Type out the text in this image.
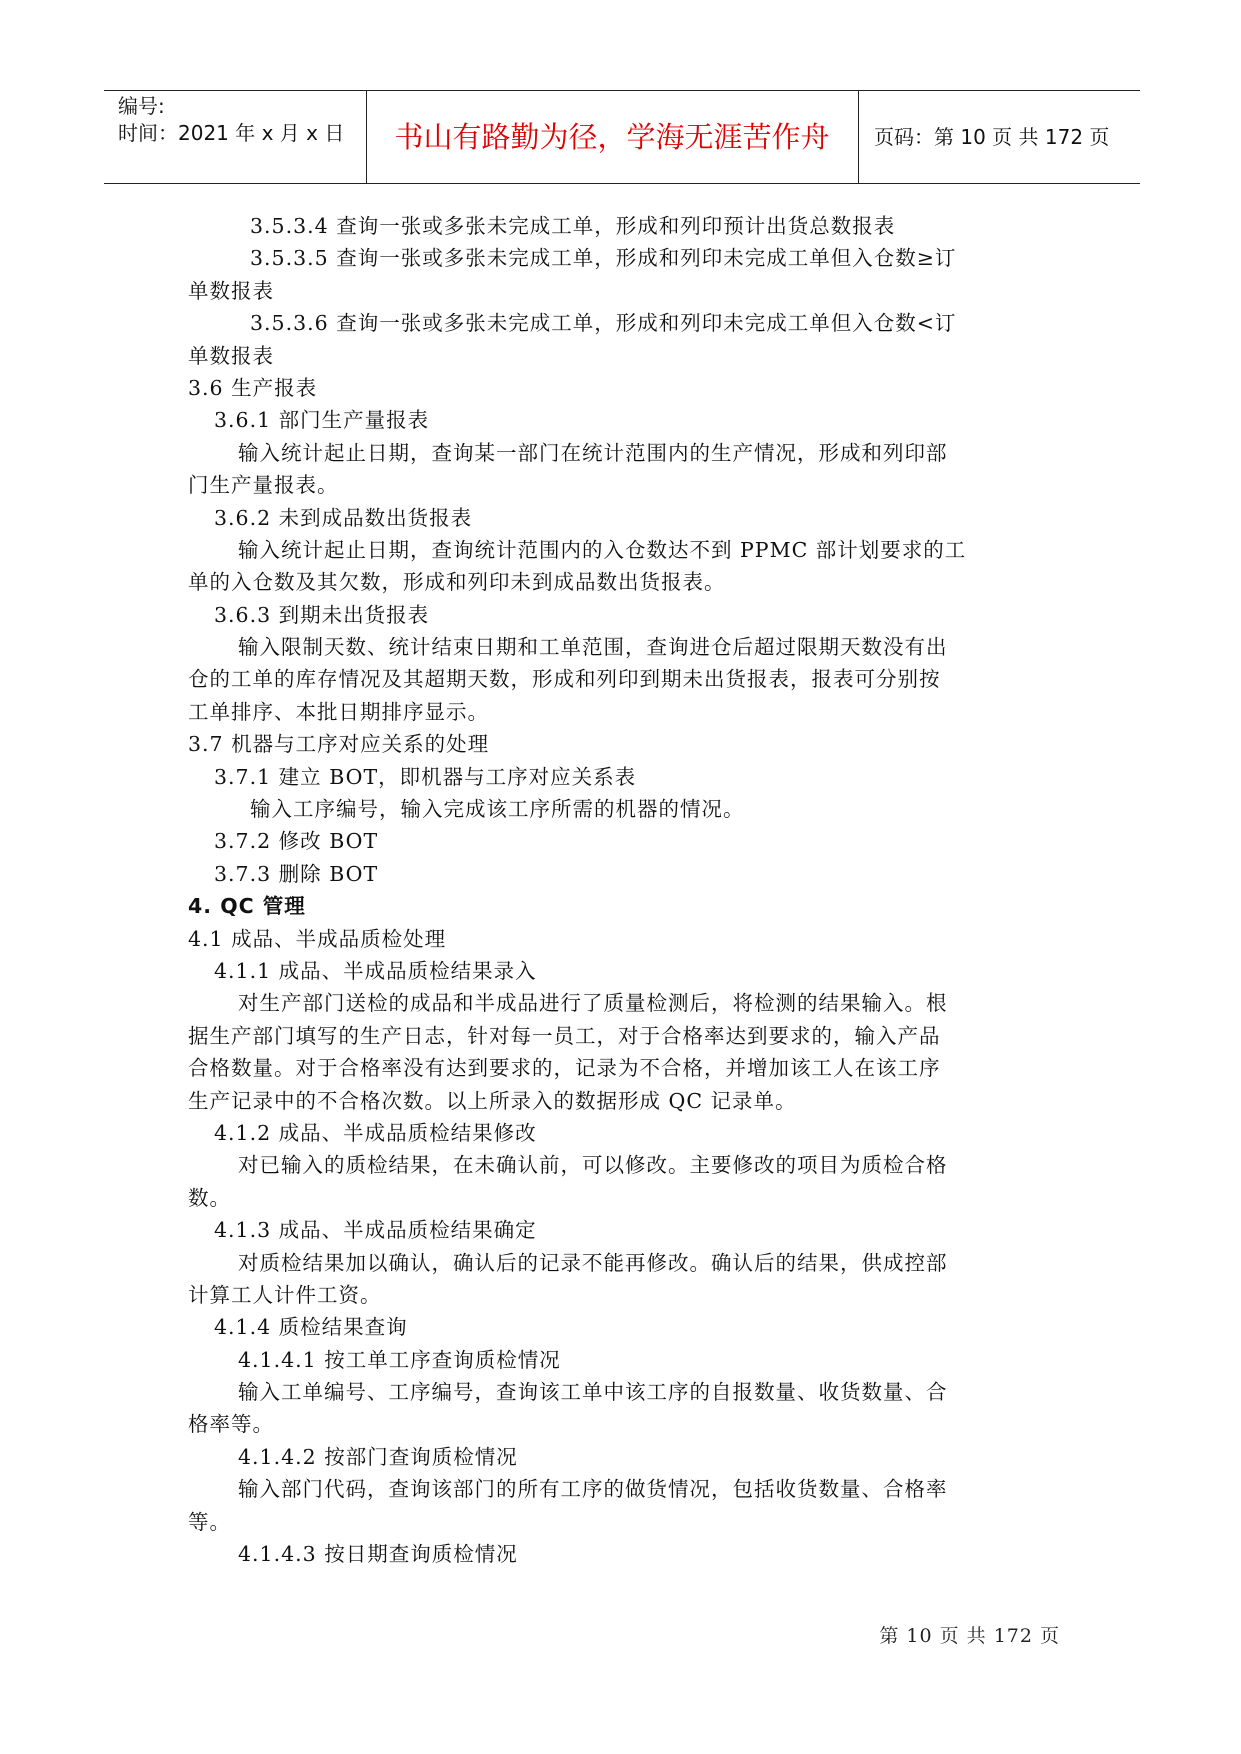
编号:
时间：2021 年 x 月 x 日	书山有路勤为径，学海无涯苦作舟	页码：第 10 页 共 172 页
3.5.3.4 查询一张或多张未完成工单，形成和列印预计出货总数报表
3.5.3.5 查询一张或多张未完成工单，形成和列印未完成工单但入仓数≥订
单数报表
3.5.3.6 查询一张或多张未完成工单，形成和列印未完成工单但入仓数<订
单数报表
3.6 生产报表
3.6.1 部门生产量报表
输入统计起止日期，查询某一部门在统计范围内的生产情况，形成和列印部
门生产量报表。
3.6.2 未到成品数出货报表
输入统计起止日期，查询统计范围内的入仓数达不到 PPMC 部计划要求的工
单的入仓数及其欠数，形成和列印未到成品数出货报表。
3.6.3 到期未出货报表
输入限制天数、统计结束日期和工单范围，查询进仓后超过限期天数没有出
仓的工单的库存情况及其超期天数，形成和列印到期未出货报表，报表可分别按
工单排序、本批日期排序显示。
3.7 机器与工序对应关系的处理
3.7.1 建立 BOT，即机器与工序对应关系表
输入工序编号，输入完成该工序所需的机器的情况。
3.7.2 修改 BOT
3.7.3 删除 BOT
4. QC 管理
4.1 成品、半成品质检处理
4.1.1 成品、半成品质检结果录入
对生产部门送检的成品和半成品进行了质量检测后，将检测的结果输入。根
据生产部门填写的生产日志，针对每一员工，对于合格率达到要求的，输入产品
合格数量。对于合格率没有达到要求的，记录为不合格，并增加该工人在该工序
生产记录中的不合格次数。以上所录入的数据形成 QC 记录单。
4.1.2 成品、半成品质检结果修改
对已输入的质检结果，在未确认前，可以修改。主要修改的项目为质检合格
数。
4.1.3 成品、半成品质检结果确定
对质检结果加以确认，确认后的记录不能再修改。确认后的结果，供成控部
计算工人计件工资。
4.1.4 质检结果查询
4.1.4.1 按工单工序查询质检情况
输入工单编号、工序编号，查询该工单中该工序的自报数量、收货数量、合
格率等。
4.1.4.2 按部门查询质检情况
输入部门代码，查询该部门的所有工序的做货情况，包括收货数量、合格率
等。
4.1.4.3 按日期查询质检情况
第 10 页 共 172 页
